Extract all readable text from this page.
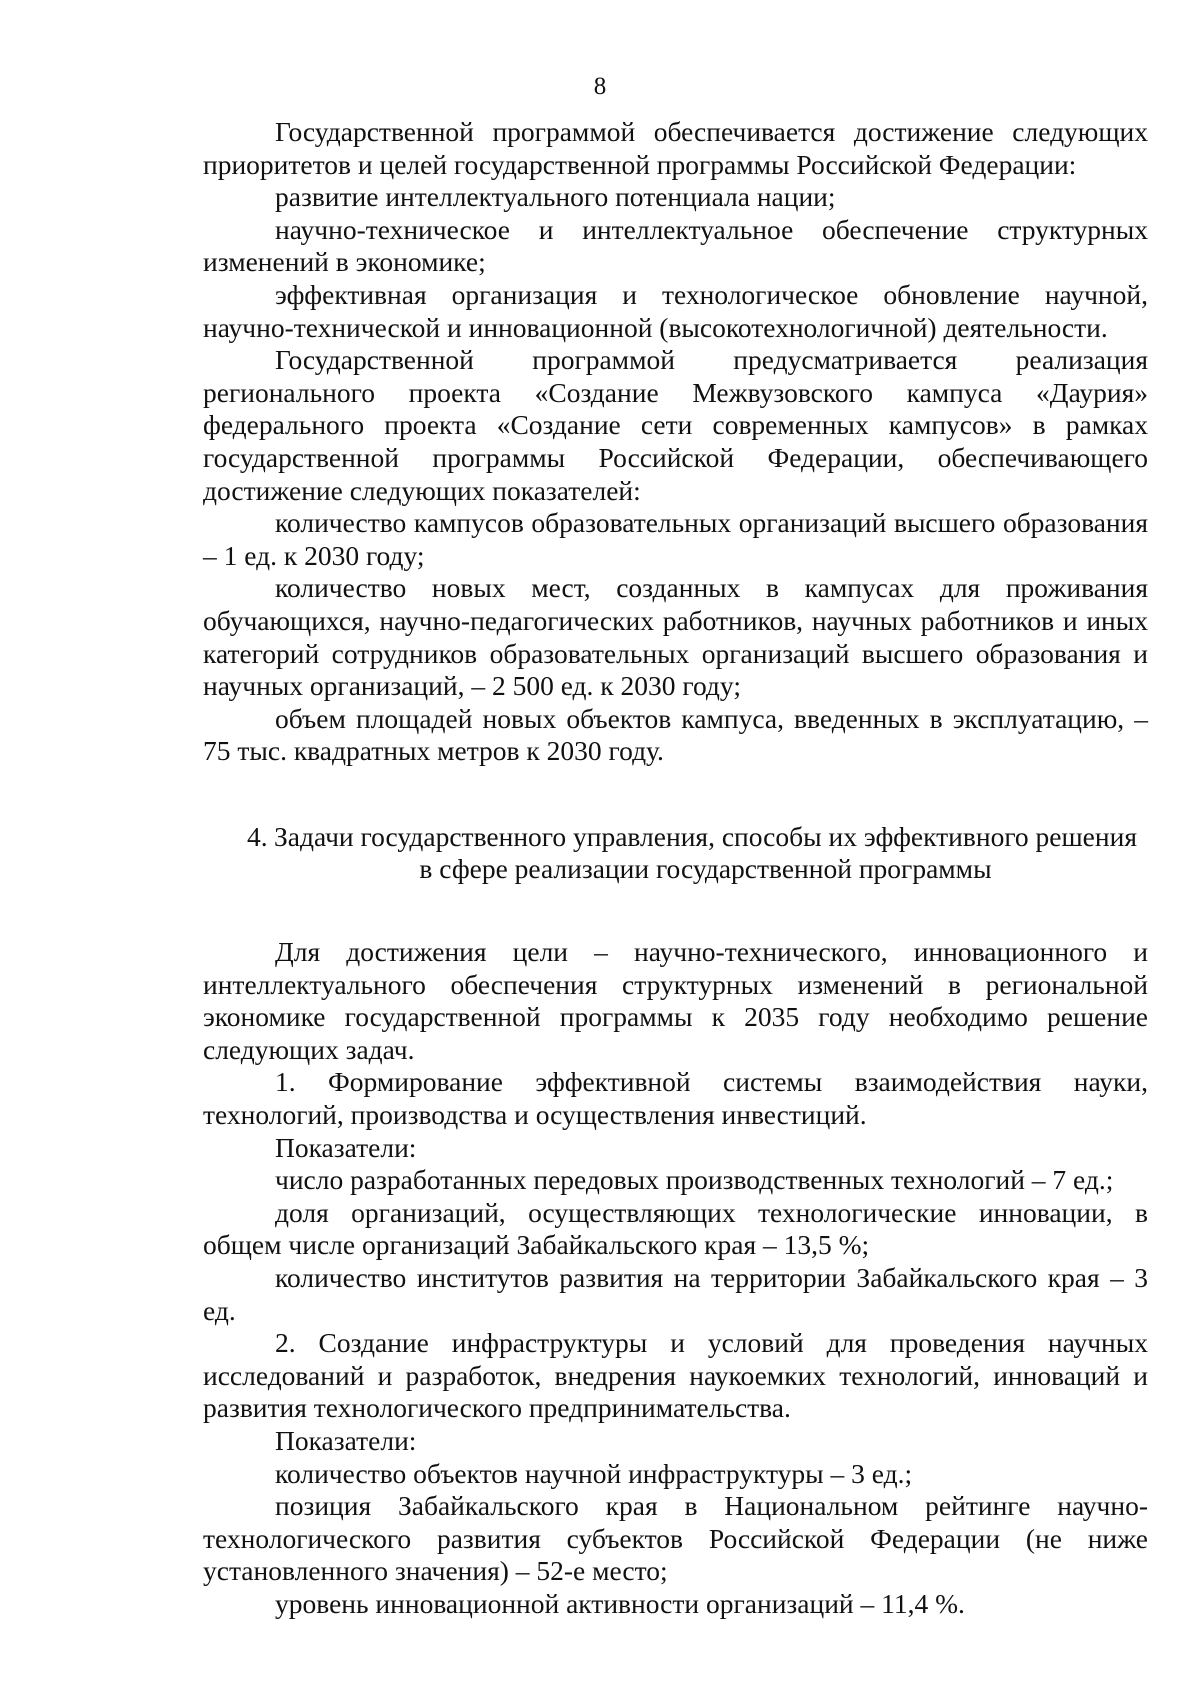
8

Государственной программой обеспечивается достижение следующих приоритетов и целей государственной программы Российской Федерации:

развитие интеллектуального потенциала нации;

научно-техническое и интеллектуальное обеспечение структурных изменений в экономике;

эффективная организация и технологическое обновление научной, научно-технической и инновационной (высокотехнологичной) деятельности.

Государственной программой предусматривается реализация регионального проекта «Создание Межвузовского кампуса «Даурия» федерального проекта «Создание сети современных кампусов» в рамках государственной программы Российской Федерации, обеспечивающего достижение следующих показателей:

количество кампусов образовательных организаций высшего образования – 1 ед. к 2030 году;

количество новых мест, созданных в кампусах для проживания обучающихся, научно-педагогических работников, научных работников и иных категорий сотрудников образовательных организаций высшего образования и научных организаций, – 2 500 ед. к 2030 году;

объем площадей новых объектов кампуса, введенных в эксплуатацию, – 75 тыс. квадратных метров к 2030 году.

4. Задачи государственного управления, способы их эффективного решения в сфере реализации государственной программы

Для достижения цели – научно-технического, инновационного и интеллектуального обеспечения структурных изменений в региональной экономике государственной программы к 2035 году необходимо решение следующих задач.

1. Формирование эффективной системы взаимодействия науки, технологий, производства и осуществления инвестиций.

Показатели:

число разработанных передовых производственных технологий – 7 ед.;

доля организаций, осуществляющих технологические инновации, в общем числе организаций Забайкальского края – 13,5 %;

количество институтов развития на территории Забайкальского края – 3 ед.

2. Создание инфраструктуры и условий для проведения научных исследований и разработок, внедрения наукоемких технологий, инноваций и развития технологического предпринимательства.

Показатели:

количество объектов научной инфраструктуры – 3 ед.;

позиция Забайкальского края в Национальном рейтинге научно-технологического развития субъектов Российской Федерации (не ниже установленного значения) – 52-е место;

уровень инновационной активности организаций – 11,4 %.
